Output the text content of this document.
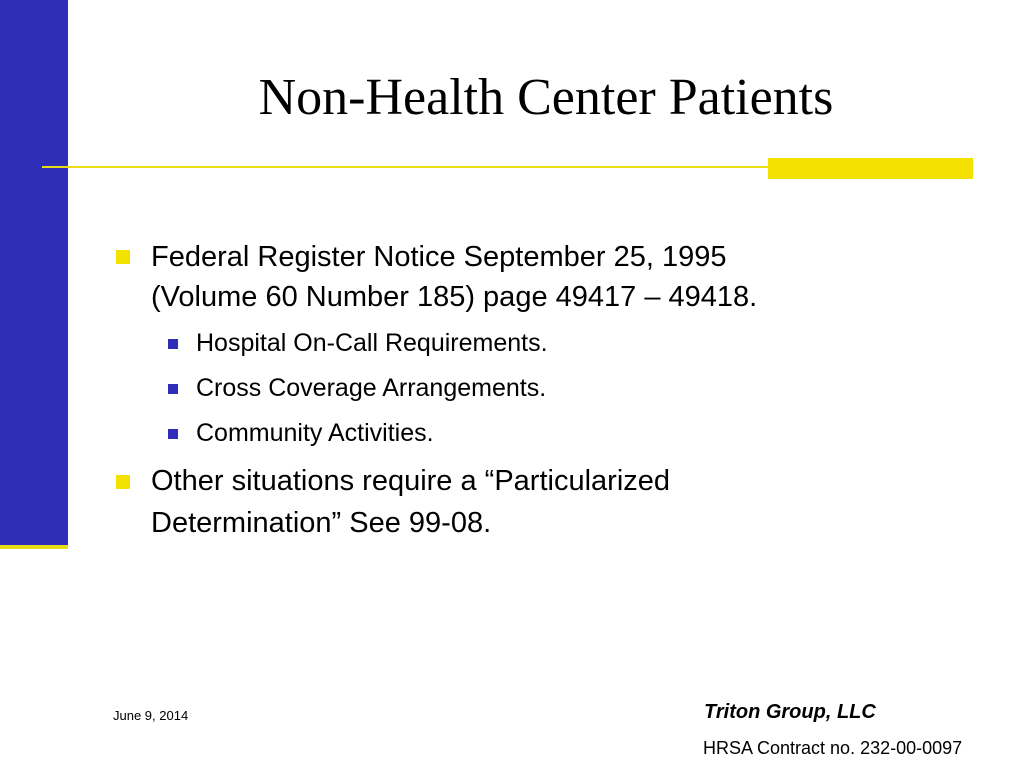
Non-Health Center Patients
Federal Register Notice September 25, 1995
(Volume 60 Number 185) page 49417 – 49418.
Hospital On-Call Requirements.
Cross Coverage Arrangements.
Community Activities.
Other situations require a “Particularized
Determination” See 99-08.
June 9, 2014	Triton Group, LLC
HRSA Contract no. 232-00-0097
